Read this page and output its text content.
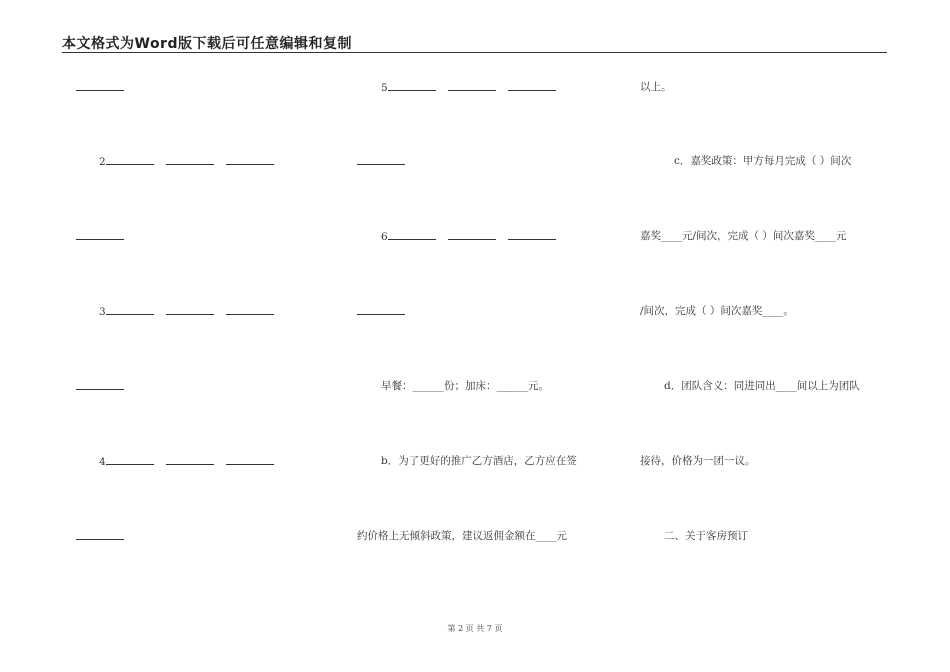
本文格式为Word版下载后可任意编辑和复制
2
3
4
5
6
早餐：______份；加床：______元。
b．为了更好的推广乙方酒店，乙方应在签
约价格上无倾斜政策，建议返佣金额在____元
以上。
c．嘉奖政策：甲方每月完成（ ）间次
嘉奖____元/间次，完成（ ）间次嘉奖____元
/间次，完成（ ）间次嘉奖____。
d．团队含义：同进同出____间以上为团队
接待，价格为一团一议。
二、关于客房预订
第 2 页 共 7 页
